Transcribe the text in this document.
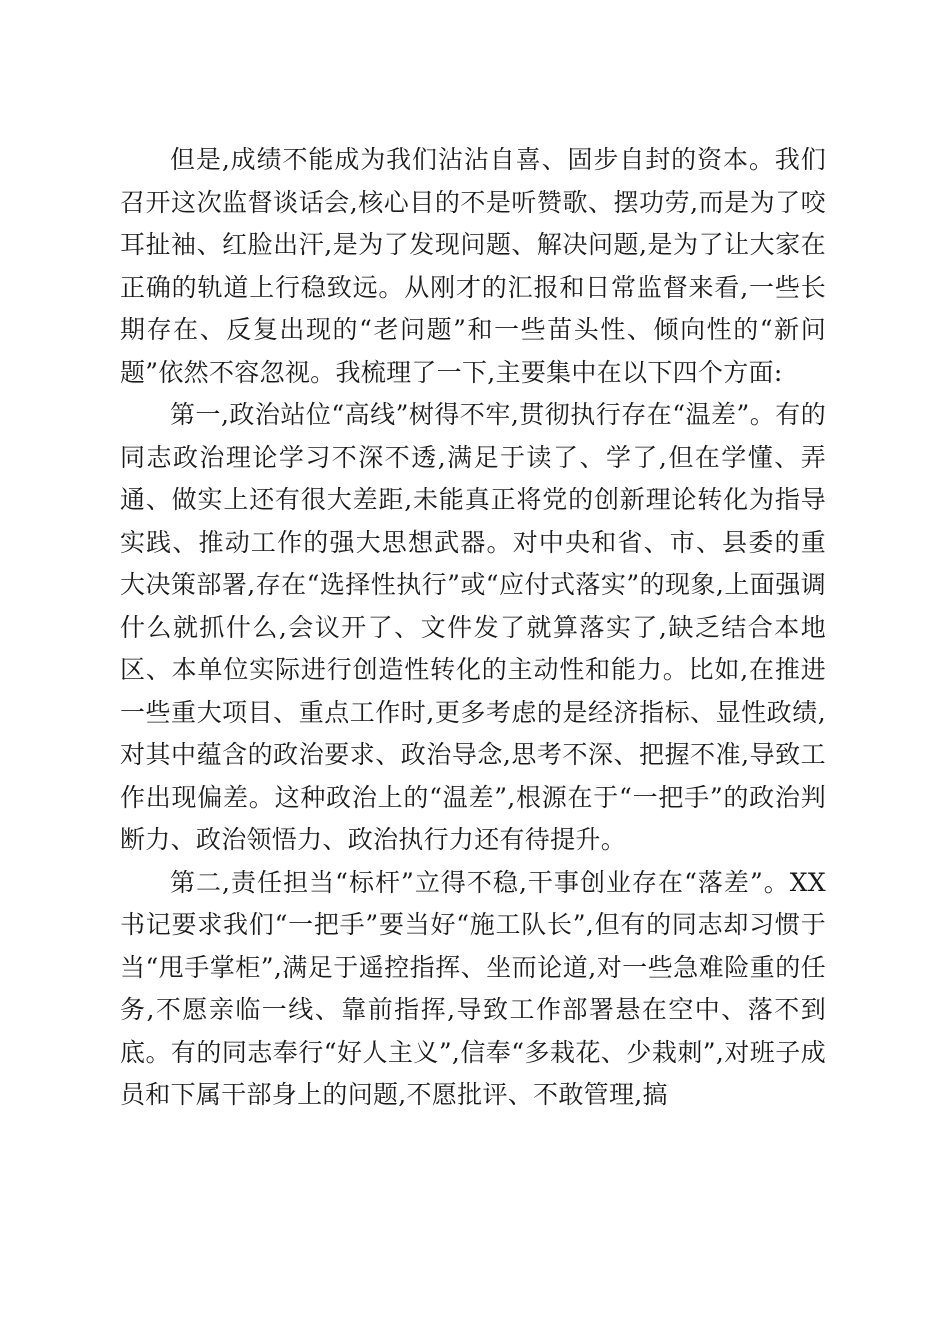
但是,成绩不能成为我们沾沾自喜、固步自封的资本。我们召开这次监督谈话会,核心目的不是听赞歌、摆功劳,而是为了咬耳扯袖、红脸出汗,是为了发现问题、解决问题,是为了让大家在正确的轨道上行稳致远。从刚才的汇报和日常监督来看,一些长期存在、反复出现的“老问题”和一些苗头性、倾向性的“新问题”依然不容忽视。我梳理了一下,主要集中在以下四个方面:

第一,政治站位“高线”树得不牢,贯彻执行存在“温差”。有的同志政治理论学习不深不透,满足于读了、学了,但在学懂、弄通、做实上还有很大差距,未能真正将党的创新理论转化为指导实践、推动工作的强大思想武器。对中央和省、市、县委的重大决策部署,存在“选择性执行”或“应付式落实”的现象,上面强调什么就抓什么,会议开了、文件发了就算落实了,缺乏结合本地区、本单位实际进行创造性转化的主动性和能力。比如,在推进一些重大项目、重点工作时,更多考虑的是经济指标、显性政绩,对其中蕴含的政治要求、政治导念,思考不深、把握不准,导致工作出现偏差。这种政治上的“温差”,根源在于“一把手”的政治判断力、政治领悟力、政治执行力还有待提升。

第二,责任担当“标杆”立得不稳,干事创业存在“落差”。XX书记要求我们“一把手”要当好“施工队长”,但有的同志却习惯于当“甩手掌柜”,满足于遥控指挥、坐而论道,对一些急难险重的任务,不愿亲临一线、靠前指挥,导致工作部署悬在空中、落不到底。有的同志奉行“好人主义”,信奉“多栽花、少栽刺”,对班子成员和下属干部身上的问题,不愿批评、不敢管理,搞
